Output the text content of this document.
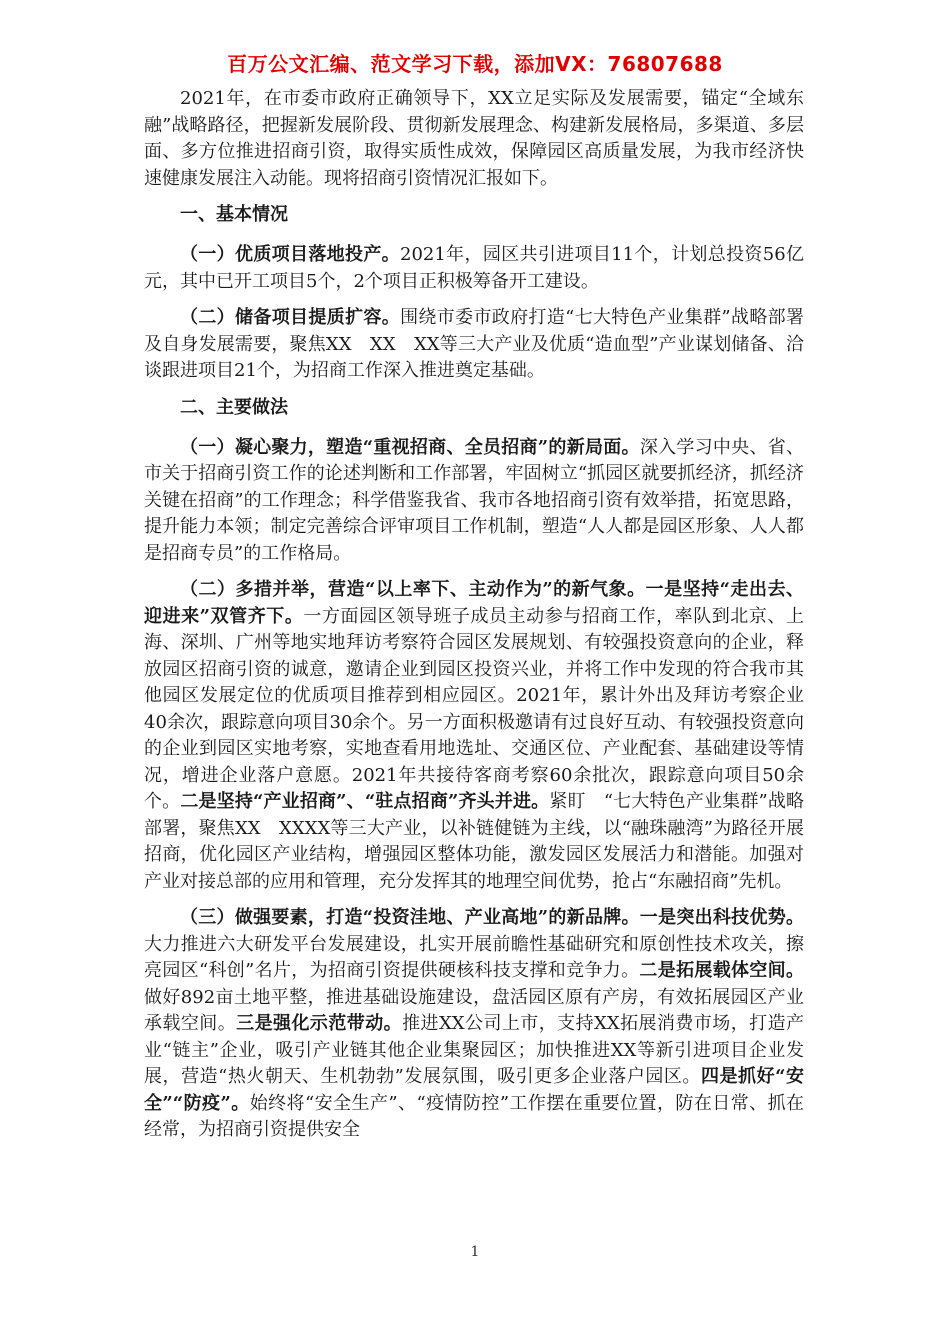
百万公文汇编、范文学习下载，添加VX：76807688

2021年，在市委市政府正确领导下，XX立足实际及发展需要，锚定“全域东融”战略路径，把握新发展阶段、贯彻新发展理念、构建新发展格局，多渠道、多层面、多方位推进招商引资，取得实质性成效，保障园区高质量发展，为我市经济快速健康发展注入动能。现将招商引资情况汇报如下。

一、基本情况

（一）优质项目落地投产。2021年，园区共引进项目11个，计划总投资56亿元，其中已开工项目5个，2个项目正积极筹备开工建设。

（二）储备项目提质扩容。围绕市委市政府打造“七大特色产业集群”战略部署及自身发展需要，聚焦XX　XX　XX等三大产业及优质“造血型”产业谋划储备、洽谈跟进项目21个，为招商工作深入推进奠定基础。

二、主要做法

（一）凝心聚力，塑造“重视招商、全员招商”的新局面。深入学习中央、省、市关于招商引资工作的论述判断和工作部署，牢固树立“抓园区就要抓经济，抓经济关键在招商”的工作理念；科学借鉴我省、我市各地招商引资有效举措，拓宽思路，提升能力本领；制定完善综合评审项目工作机制，塑造“人人都是园区形象、人人都是招商专员”的工作格局。

（二）多措并举，营造“以上率下、主动作为”的新气象。一是坚持“走出去、迎进来”双管齐下。一方面园区领导班子成员主动参与招商工作，率队到北京、上海、深圳、广州等地实地拜访考察符合园区发展规划、有较强投资意向的企业，释放园区招商引资的诚意，邀请企业到园区投资兴业，并将工作中发现的符合我市其他园区发展定位的优质项目推荐到相应园区。2021年，累计外出及拜访考察企业40余次，跟踪意向项目30余个。另一方面积极邀请有过良好互动、有较强投资意向的企业到园区实地考察，实地查看用地选址、交通区位、产业配套、基础建设等情况，增进企业落户意愿。2021年共接待客商考察60余批次，跟踪意向项目50余个。二是坚持“产业招商”、“驻点招商”齐头并进。紧盯　“七大特色产业集群”战略部署，聚焦XX　XXXX等三大产业，以补链健链为主线，以“融珠融湾”为路径开展招商，优化园区产业结构，增强园区整体功能，激发园区发展活力和潜能。加强对产业对接总部的应用和管理，充分发挥其的地理空间优势，抢占“东融招商”先机。

（三）做强要素，打造“投资洼地、产业高地”的新品牌。一是突出科技优势。大力推进六大研发平台发展建设，扎实开展前瞻性基础研究和原创性技术攻关，擦亮园区“科创”名片，为招商引资提供硬核科技支撑和竞争力。二是拓展载体空间。做好892亩土地平整，推进基础设施建设，盘活园区原有产房，有效拓展园区产业承载空间。三是强化示范带动。推进XX公司上市，支持XX拓展消费市场，打造产业“链主”企业，吸引产业链其他企业集聚园区；加快推进XX等新引进项目企业发展，营造“热火朝天、生机勃勃”发展氛围，吸引更多企业落户园区。四是抓好“安全”“防疫”。始终将“安全生产”、“疫情防控”工作摆在重要位置，防在日常、抓在经常，为招商引资提供安全

1
